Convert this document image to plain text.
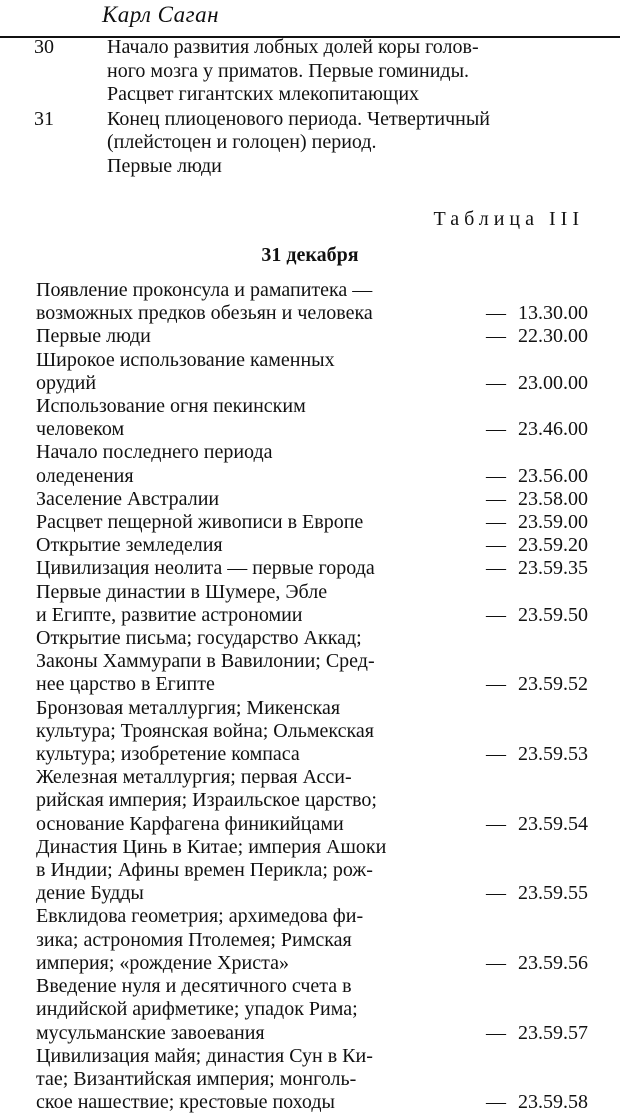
Карл Саган
30	Начало развития лобных долей коры голов-
ного мозга у приматов. Первые гоминиды.
Расцвет гигантских млекопитающих
31	Конец плиоценового периода. Четвертичный
(плейстоцен и голоцен) период.
Первые люди
Таблица III
31 декабря
Появление проконсула и рамапитека —
возможных предков обезьян и человека	— 13.30.00
Первые люди	— 22.30.00
Широкое использование каменных
орудий	— 23.00.00
Использование огня пекинским
человеком	— 23.46.00
Начало последнего периода
оледенения	— 23.56.00
Заселение Австралии	— 23.58.00
Расцвет пещерной живописи в Европе	— 23.59.00
Открытие земледелия	— 23.59.20
Цивилизация неолита — первые города	— 23.59.35
Первые династии в Шумере, Эбле
и Египте, развитие астрономии	— 23.59.50
Открытие письма; государство Аккад;
Законы Хаммурапи в Вавилонии; Сред-
нее царство в Египте	— 23.59.52
Бронзовая металлургия; Микенская
культура; Троянская война; Ольмекская
культура; изобретение компаса	— 23.59.53
Железная металлургия; первая Асси-
рийская империя; Израильское царство;
основание Карфагена финикийцами	— 23.59.54
Династия Цинь в Китае; империя Ашоки
в Индии; Афины времен Перикла; рож-
дение Будды	— 23.59.55
Евклидова геометрия; архимедова фи-
зика; астрономия Птолемея; Римская
империя; «рождение Христа»	— 23.59.56
Введение нуля и десятичного счета в
индийской арифметике; упадок Рима;
мусульманские завоевания	— 23.59.57
Цивилизация майя; династия Сун в Ки-
тае; Византийская империя; монголь-
ское нашествие; крестовые походы	— 23.59.58
